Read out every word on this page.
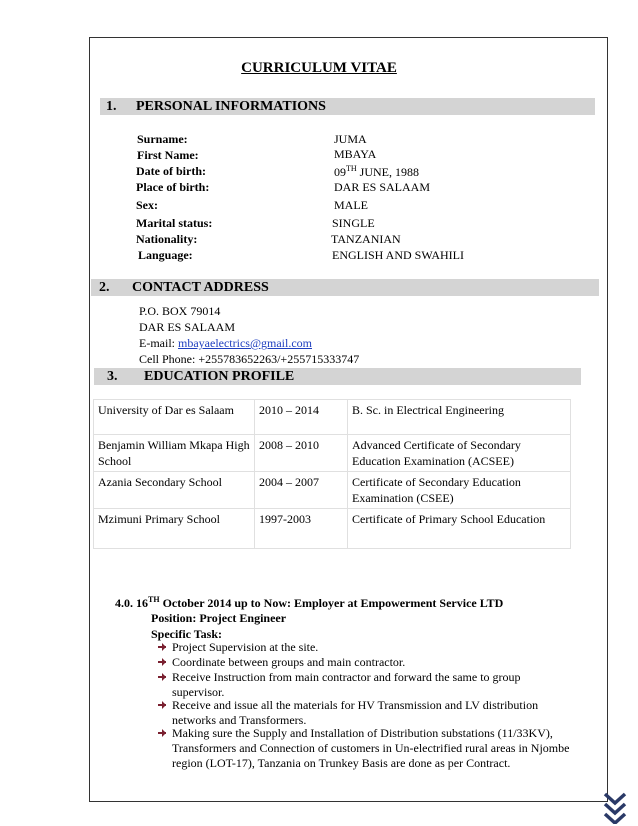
CURRICULUM VITAE
1. PERSONAL INFORMATIONS
Surname:	JUMA
First Name:	MBAYA
Date of birth:	09TH JUNE, 1988
Place of birth:	DAR ES SALAAM
Sex:	MALE
Marital status:	SINGLE
Nationality:	TANZANIAN
Language:	ENGLISH AND SWAHILI
2. CONTACT ADDRESS
P.O. BOX 79014
DAR ES SALAAM
E-mail: mbayaelectrics@gmail.com
Cell Phone: +255783652263/+255715333747
3. EDUCATION PROFILE
University of Dar es Salaam	2010 – 2014	B. Sc. in Electrical Engineering
Benjamin William Mkapa High School	2008 – 2010	Advanced Certificate of Secondary Education Examination (ACSEE)
Azania Secondary School	2004 – 2007	Certificate of Secondary Education Examination (CSEE)
Mzimuni Primary School	1997-2003	Certificate of Primary School Education
4.0. 16TH October 2014 up to Now: Employer at Empowerment Service LTD
Position: Project Engineer
Specific Task:
Project Supervision at the site.
Coordinate between groups and main contractor.
Receive Instruction from main contractor and forward the same to group supervisor.
Receive and issue all the materials for HV Transmission and LV distribution networks and Transformers.
Making sure the Supply and Installation of Distribution substations (11/33KV), Transformers and Connection of customers in Un-electrified rural areas in Njombe region (LOT-17), Tanzania on Trunkey Basis are done as per Contract.
